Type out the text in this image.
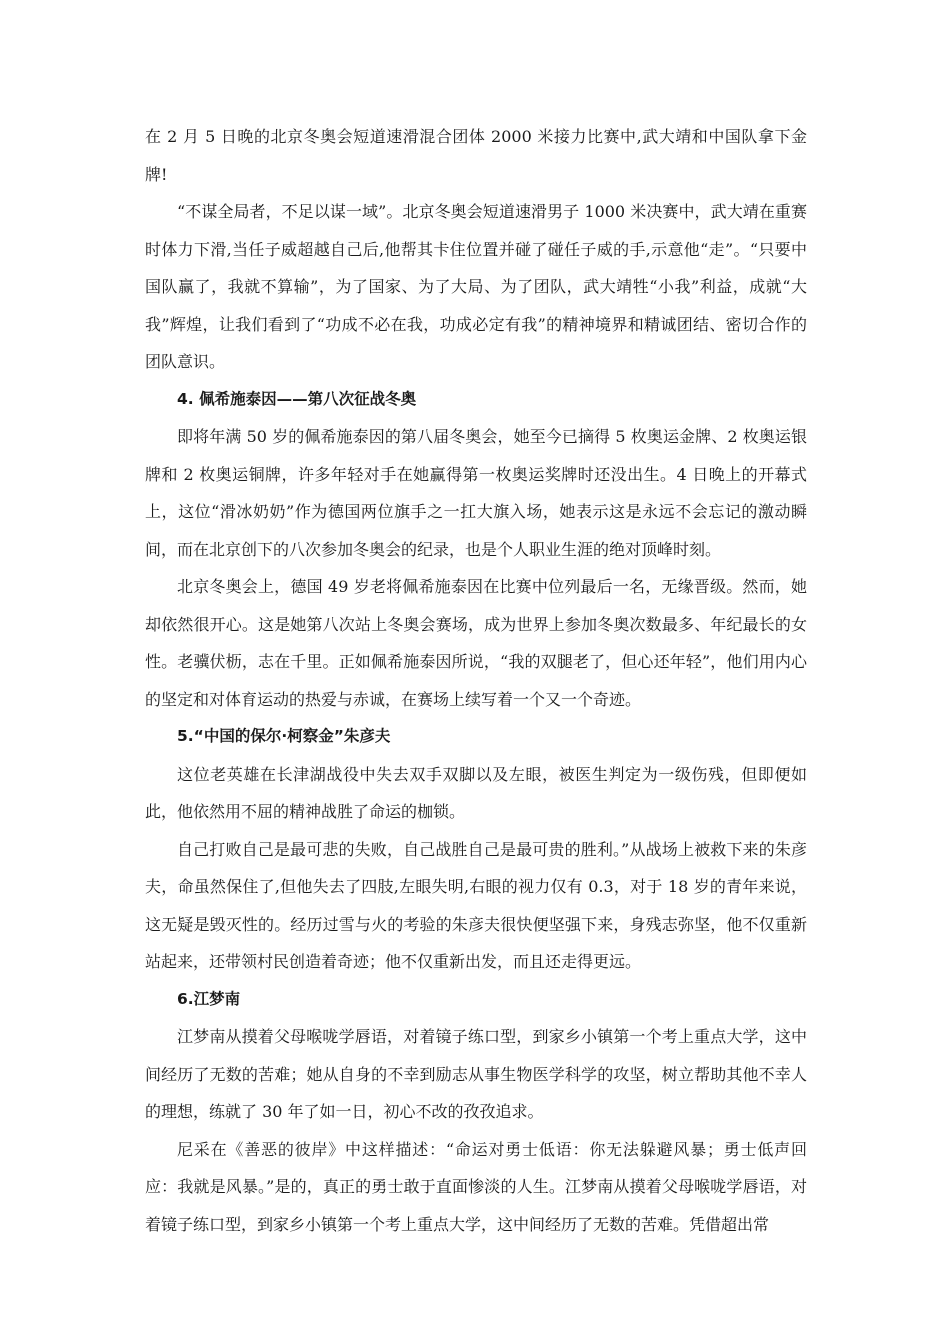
在 2 月 5 日晚的北京冬奥会短道速滑混合团体 2000 米接力比赛中,武大靖和中国队拿下金牌!

“不谋全局者，不足以谋一域”。北京冬奥会短道速滑男子 1000 米决赛中，武大靖在重赛时体力下滑,当任子威超越自己后,他帮其卡住位置并碰了碰任子威的手,示意他“走”。“只要中国队赢了，我就不算输”，为了国家、为了大局、为了团队，武大靖牲“小我”利益，成就“大我”辉煌，让我们看到了“功成不必在我，功成必定有我”的精神境界和精诚团结、密切合作的团队意识。

4. 佩希施泰因——第八次征战冬奥

即将年满 50 岁的佩希施泰因的第八届冬奥会，她至今已摘得 5 枚奥运金牌、2 枚奥运银牌和 2 枚奥运铜牌，许多年轻对手在她赢得第一枚奥运奖牌时还没出生。4 日晚上的开幕式上，这位“滑冰奶奶”作为德国两位旗手之一扛大旗入场，她表示这是永远不会忘记的激动瞬间，而在北京创下的八次参加冬奥会的纪录，也是个人职业生涯的绝对顶峰时刻。

北京冬奥会上，德国 49 岁老将佩希施泰因在比赛中位列最后一名，无缘晋级。然而，她却依然很开心。这是她第八次站上冬奥会赛场，成为世界上参加冬奥次数最多、年纪最长的女性。老骥伏枥，志在千里。正如佩希施泰因所说，“我的双腿老了，但心还年轻”，他们用内心的坚定和对体育运动的热爱与赤诚，在赛场上续写着一个又一个奇迹。

5.“中国的保尔·柯察金”朱彦夫

这位老英雄在长津湖战役中失去双手双脚以及左眼，被医生判定为一级伤残，但即便如此，他依然用不屈的精神战胜了命运的枷锁。

自己打败自己是最可悲的失败，自己战胜自己是最可贵的胜利。”从战场上被救下来的朱彦夫，命虽然保住了,但他失去了四肢,左眼失明,右眼的视力仅有 0.3，对于 18 岁的青年来说，这无疑是毁灭性的。经历过雪与火的考验的朱彦夫很快便坚强下来，身残志弥坚，他不仅重新站起来，还带领村民创造着奇迹；他不仅重新出发，而且还走得更远。

6.江梦南

江梦南从摸着父母喉咙学唇语，对着镜子练口型，到家乡小镇第一个考上重点大学，这中间经历了无数的苦难；她从自身的不幸到励志从事生物医学科学的攻坚，树立帮助其他不幸人的理想，练就了 30 年了如一日，初心不改的孜孜追求。

尼采在《善恶的彼岸》中这样描述：“命运对勇士低语：你无法躲避风暴；勇士低声回应：我就是风暴。”是的，真正的勇士敢于直面惨淡的人生。江梦南从摸着父母喉咙学唇语，对着镜子练口型，到家乡小镇第一个考上重点大学，这中间经历了无数的苦难。凭借超出常
